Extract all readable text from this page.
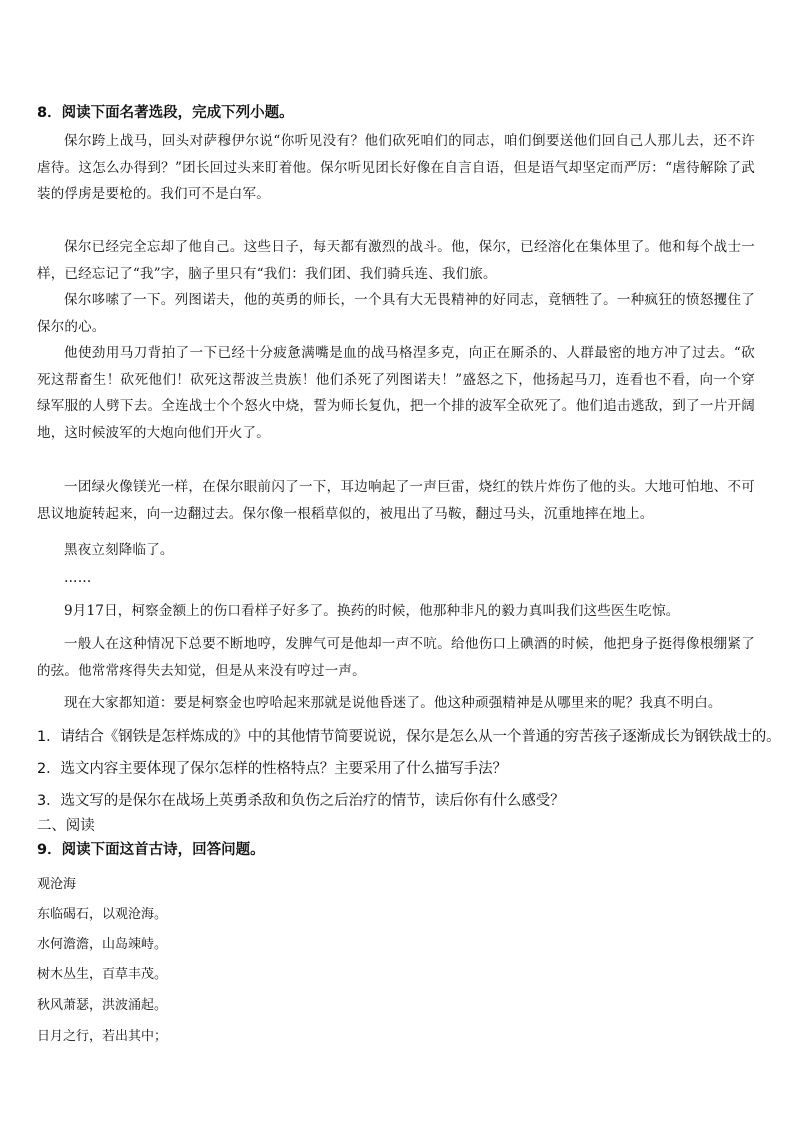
8．阅读下面名著选段，完成下列小题。
保尔跨上战马，回头对萨穆伊尔说“你听见没有？他们砍死咱们的同志，咱们倒要送他们回自己人那儿去，还不许虐待。这怎么办得到？”团长回过头来盯着他。保尔听见团长好像在自言自语，但是语气却坚定而严厉：“虐待解除了武装的俘虏是要枪的。我们可不是白军。
保尔已经完全忘却了他自己。这些日子，每天都有激烈的战斗。他，保尔，已经溶化在集体里了。他和每个战士一样，已经忘记了“我”字，脑子里只有“我们：我们团、我们骑兵连、我们旅。
保尔哆嗦了一下。列图诺夫，他的英勇的师长，一个具有大无畏精神的好同志，竟牺牲了。一种疯狂的愤怒攫住了保尔的心。
他使劲用马刀背拍了一下已经十分疲惫满嘴是血的战马格涅多克，向正在厮杀的、人群最密的地方冲了过去。“砍死这帮畜生！砍死他们！砍死这帮波兰贵族！他们杀死了列图诺夫！”盛怒之下，他扬起马刀，连看也不看，向一个穿绿军服的人劈下去。全连战士个个怒火中烧，誓为师长复仇，把一个排的波军全砍死了。他们追击逃敌，到了一片开阔地，这时候波军的大炮向他们开火了。
一团绿火像镁光一样，在保尔眼前闪了一下，耳边响起了一声巨雷，烧红的铁片炸伤了他的头。大地可怕地、不可思议地旋转起来，向一边翻过去。保尔像一根稻草似的，被甩出了马鞍，翻过马头，沉重地摔在地上。
黑夜立刻降临了。
……
9月17日，柯察金额上的伤口看样子好多了。换药的时候，他那种非凡的毅力真叫我们这些医生吃惊。
一般人在这种情况下总要不断地哼，发脾气可是他却一声不吭。给他伤口上碘酒的时候，他把身子挺得像根绷紧了的弦。他常常疼得失去知觉，但是从来没有哼过一声。
现在大家都知道：要是柯察金也哼哈起来那就是说他昏迷了。他这种顽强精神是从哪里来的呢？我真不明白。
1．请结合《钢铁是怎样炼成的》中的其他情节简要说说，保尔是怎么从一个普通的穷苦孩子逐渐成长为钢铁战士的。
2．选文内容主要体现了保尔怎样的性格特点？主要采用了什么描写手法？
3．选文写的是保尔在战场上英勇杀敌和负伤之后治疗的情节，读后你有什么感受？
二、阅读
9．阅读下面这首古诗，回答问题。
观沧海
东临碣石，以观沧海。
水何澹澹，山岛竦峙。
树木丛生，百草丰茂。
秋风萧瑟，洪波涌起。
日月之行，若出其中；
